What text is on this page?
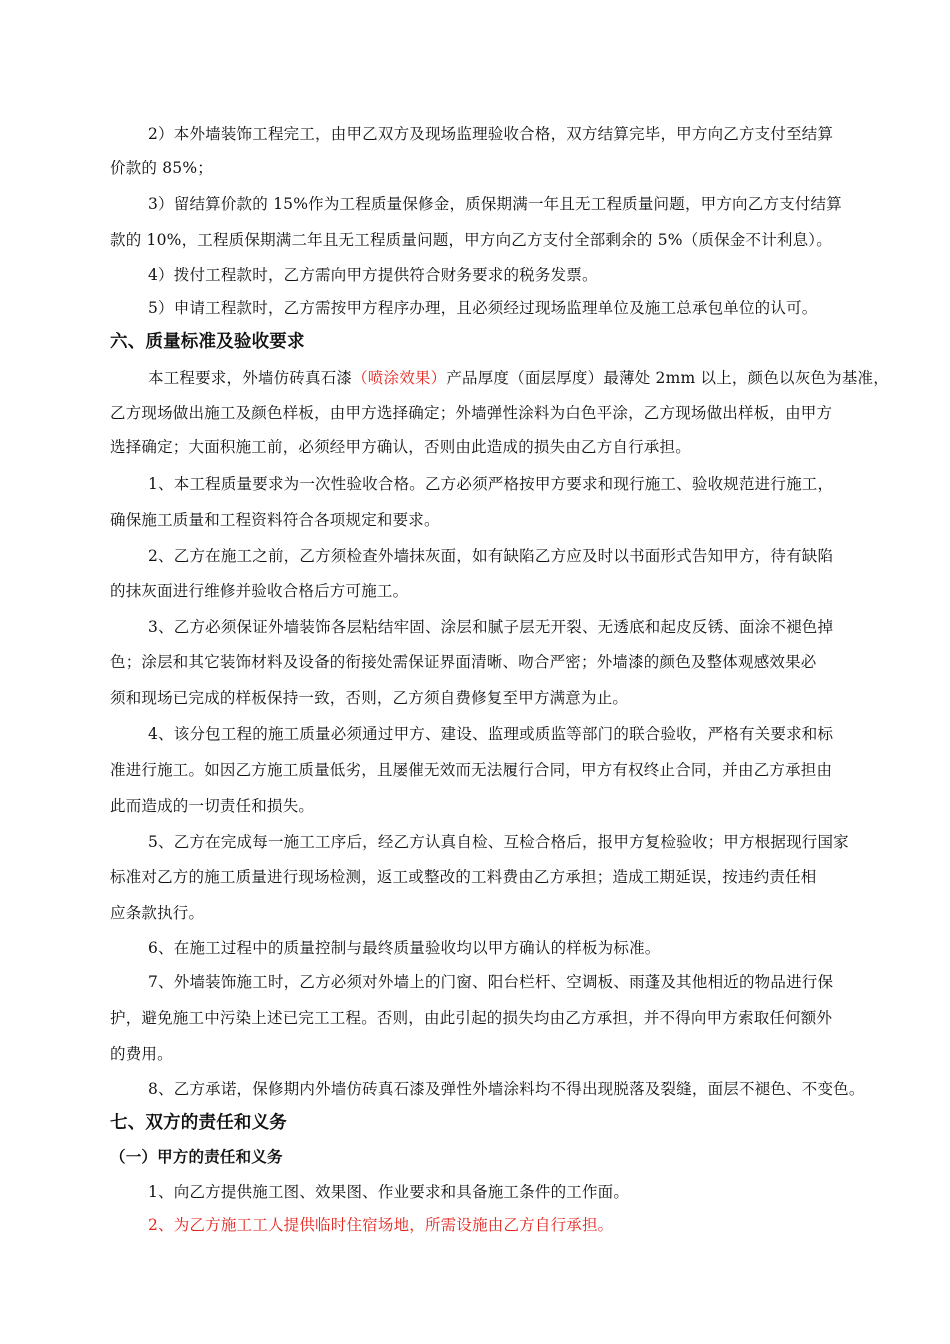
2）本外墙装饰工程完工，由甲乙双方及现场监理验收合格，双方结算完毕，甲方向乙方支付至结算
价款的 85%；
3）留结算价款的 15%作为工程质量保修金，质保期满一年且无工程质量问题，甲方向乙方支付结算
款的 10%，工程质保期满二年且无工程质量问题，甲方向乙方支付全部剩余的 5%（质保金不计利息）。
4）拨付工程款时，乙方需向甲方提供符合财务要求的税务发票。
5）申请工程款时，乙方需按甲方程序办理，且必须经过现场监理单位及施工总承包单位的认可。
六、质量标准及验收要求
本工程要求，外墙仿砖真石漆（喷涂效果）产品厚度（面层厚度）最薄处 2mm 以上，颜色以灰色为基准，
乙方现场做出施工及颜色样板，由甲方选择确定；外墙弹性涂料为白色平涂，乙方现场做出样板，由甲方
选择确定；大面积施工前，必须经甲方确认，否则由此造成的损失由乙方自行承担。
1、本工程质量要求为一次性验收合格。乙方必须严格按甲方要求和现行施工、验收规范进行施工，
确保施工质量和工程资料符合各项规定和要求。
2、乙方在施工之前，乙方须检查外墙抹灰面，如有缺陷乙方应及时以书面形式告知甲方，待有缺陷
的抹灰面进行维修并验收合格后方可施工。
3、乙方必须保证外墙装饰各层粘结牢固、涂层和腻子层无开裂、无透底和起皮反锈、面涂不褪色掉
色；涂层和其它装饰材料及设备的衔接处需保证界面清晰、吻合严密；外墙漆的颜色及整体观感效果必
须和现场已完成的样板保持一致，否则，乙方须自费修复至甲方满意为止。
4、该分包工程的施工质量必须通过甲方、建设、监理或质监等部门的联合验收，严格有关要求和标
准进行施工。如因乙方施工质量低劣，且屡催无效而无法履行合同，甲方有权终止合同，并由乙方承担由
此而造成的一切责任和损失。
5、乙方在完成每一施工工序后，经乙方认真自检、互检合格后，报甲方复检验收；甲方根据现行国家
标准对乙方的施工质量进行现场检测，返工或整改的工料费由乙方承担；造成工期延误，按违约责任相
应条款执行。
6、在施工过程中的质量控制与最终质量验收均以甲方确认的样板为标准。
7、外墙装饰施工时，乙方必须对外墙上的门窗、阳台栏杆、空调板、雨蓬及其他相近的物品进行保
护，避免施工中污染上述已完工工程。否则，由此引起的损失均由乙方承担，并不得向甲方索取任何额外
的费用。
8、乙方承诺，保修期内外墙仿砖真石漆及弹性外墙涂料均不得出现脱落及裂缝，面层不褪色、不变色。
七、双方的责任和义务
（一）甲方的责任和义务
1、向乙方提供施工图、效果图、作业要求和具备施工条件的工作面。
2、为乙方施工工人提供临时住宿场地，所需设施由乙方自行承担。
